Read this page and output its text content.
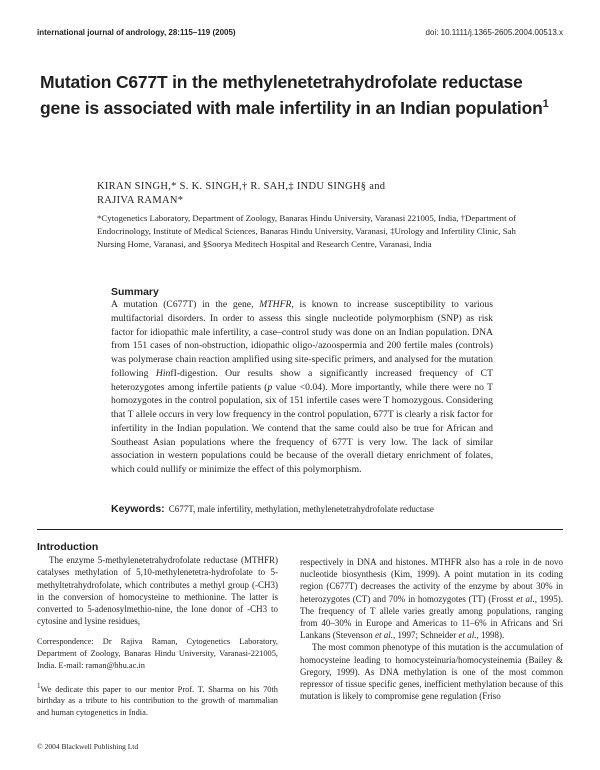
international journal of andrology, 28:115–119 (2005)	doi: 10.1111/j.1365-2605.2004.00513.x
Mutation C677T in the methylenetetrahydrofolate reductase gene is associated with male infertility in an Indian population$^1$
KIRAN SINGH,* S. K. SINGH,† R. SAH,‡ INDU SINGH§ and
RAJIVA RAMAN*
*Cytogenetics Laboratory, Department of Zoology, Banaras Hindu University, Varanasi 221005, India, †Department of Endocrinology, Institute of Medical Sciences, Banaras Hindu University, Varanasi, ‡Urology and Infertility Clinic, Sah Nursing Home, Varanasi, and §Soorya Meditech Hospital and Research Centre, Varanasi, India
Summary
A mutation (C677T) in the gene, MTHFR, is known to increase susceptibility to various multifactorial disorders. In order to assess this single nucleotide polymorphism (SNP) as risk factor for idiopathic male infertility, a case–control study was done on an Indian population. DNA from 151 cases of non-obstruction, idiopathic oligo-/azoospermia and 200 fertile males (controls) was polymerase chain reaction amplified using site-specific primers, and analysed for the mutation following HinfI-digestion. Our results show a significantly increased frequency of CT heterozygotes among infertile patients (p value <0.04). More importantly, while there were no T homozygotes in the control population, six of 151 infertile cases were T homozygous. Considering that T allele occurs in very low frequency in the control population, 677T is clearly a risk factor for infertility in the Indian population. We contend that the same could also be true for African and Southeast Asian populations where the frequency of 677T is very low. The lack of similar association in western populations could be because of the overall dietary enrichment of folates, which could nullify or minimize the effect of this polymorphism.
Keywords: C677T, male infertility, methylation, methylenetetrahydrofolate reductase
Introduction

The enzyme 5-methylenetetrahydrofolate reductase (MTHFR) catalyses methylation of 5,10-methylenetetra-hydrofolate to 5-methyltetrahydrofolate, which contributes a methyl group (-CH3) in the conversion of homocysteine to methionine. The latter is converted to 5-adenosylmethio-nine, the lone donor of -CH3 to cytosine and lysine residues,

Correspondence: Dr Rajiva Raman, Cytogenetics Laboratory, Department of Zoology, Banaras Hindu University, Varanasi-221005, India. E-mail: raman@bhu.ac.in

$^1$We dedicate this paper to our mentor Prof. T. Sharma on his 70th birthday as a tribute to his contribution to the growth of mammalian and human cytogenetics in India.

respectively in DNA and histones. MTHFR also has a role in de novo nucleotide biosynthesis (Kim, 1999). A point mutation in its coding region (C677T) decreases the activity of the enzyme by about 30% in heterozygotes (CT) and 70% in homozygotes (TT) (Frosst et al., 1995). The frequency of T allele varies greatly among populations, ranging from 40–30% in Europe and Americas to 11–6% in Africans and Sri Lankans (Stevenson et al., 1997; Schneider et al., 1998).

The most common phenotype of this mutation is the accumulation of homocysteine leading to homocysteinuria/homocysteinemia (Bailey & Gregory, 1999). As DNA methylation is one of the most common repressor of tissue specific genes, inefficient methylation because of this mutation is likely to compromise gene regulation (Friso

© 2004 Blackwell Publishing Ltd
